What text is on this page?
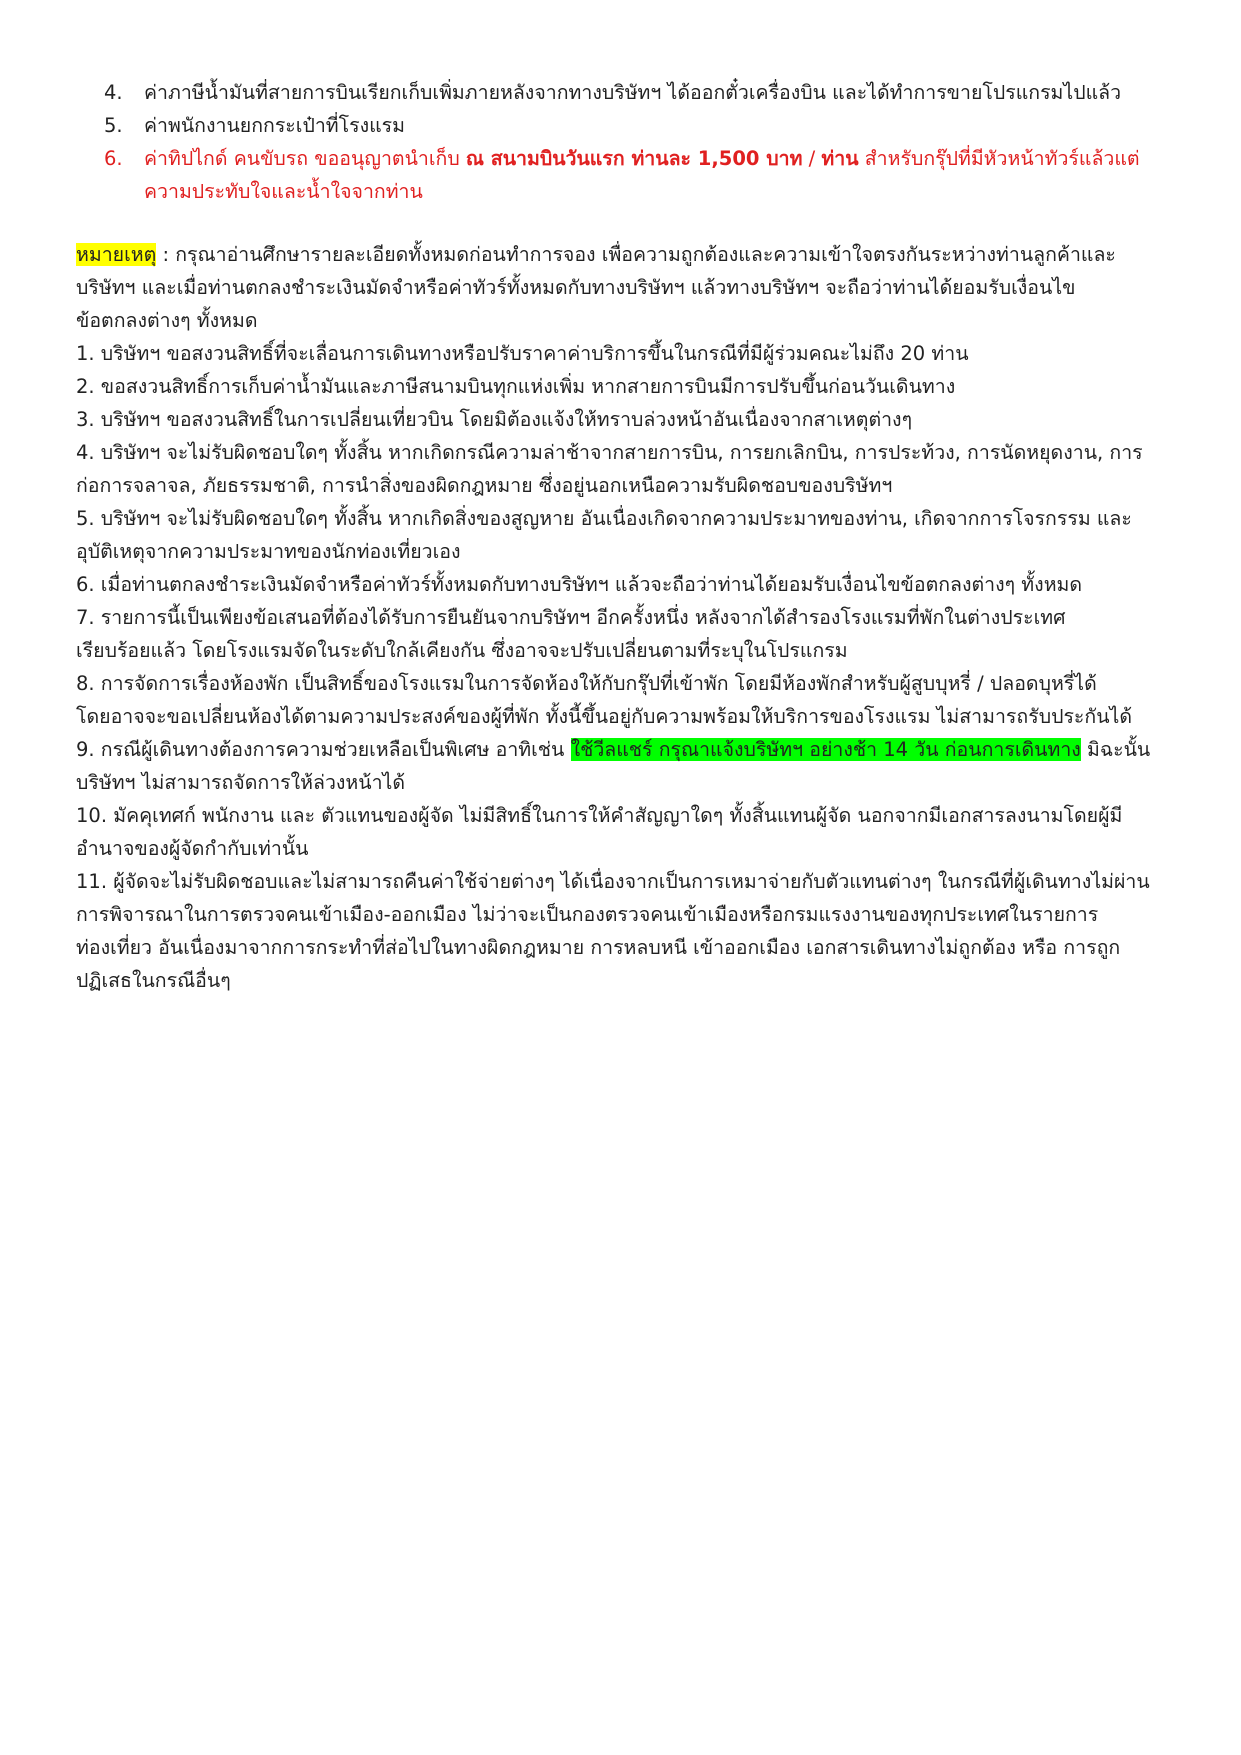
4.	ค่าภาษีน้ำมันที่สายการบินเรียกเก็บเพิ่มภายหลังจากทางบริษัทฯ ได้ออกตั๋วเครื่องบิน และได้ทำการขายโปรแกรมไปแล้ว
5.	ค่าพนักงานยกกระเป๋าที่โรงแรม
6.	ค่าทิปไกด์ คนขับรถ ขออนุญาตนำเก็บ ณ สนามบินวันแรก ท่านละ 1,500 บาท / ท่าน สำหรับกรุ๊ปที่มีหัวหน้าทัวร์แล้วแต่
ความประทับใจและน้ำใจจากท่าน
หมายเหตุ : กรุณาอ่านศึกษารายละเอียดทั้งหมดก่อนทำการจอง เพื่อความถูกต้องและความเข้าใจตรงกันระหว่างท่านลูกค้าและ
บริษัทฯ และเมื่อท่านตกลงชำระเงินมัดจำหรือค่าทัวร์ทั้งหมดกับทางบริษัทฯ แล้วทางบริษัทฯ จะถือว่าท่านได้ยอมรับเงื่อนไข
ข้อตกลงต่างๆ ทั้งหมด
1. บริษัทฯ ขอสงวนสิทธิ์ที่จะเลื่อนการเดินทางหรือปรับราคาค่าบริการขึ้นในกรณีที่มีผู้ร่วมคณะไม่ถึง 20 ท่าน
2. ขอสงวนสิทธิ์การเก็บค่าน้ำมันและภาษีสนามบินทุกแห่งเพิ่ม หากสายการบินมีการปรับขึ้นก่อนวันเดินทาง
3. บริษัทฯ ขอสงวนสิทธิ์ในการเปลี่ยนเที่ยวบิน โดยมิต้องแจ้งให้ทราบล่วงหน้าอันเนื่องจากสาเหตุต่างๆ
4. บริษัทฯ จะไม่รับผิดชอบใดๆ ทั้งสิ้น หากเกิดกรณีความล่าช้าจากสายการบิน, การยกเลิกบิน, การประท้วง, การนัดหยุดงาน, การ
ก่อการจลาจล, ภัยธรรมชาติ, การนำสิ่งของผิดกฎหมาย ซึ่งอยู่นอกเหนือความรับผิดชอบของบริษัทฯ
5. บริษัทฯ จะไม่รับผิดชอบใดๆ ทั้งสิ้น หากเกิดสิ่งของสูญหาย อันเนื่องเกิดจากความประมาทของท่าน, เกิดจากการโจรกรรม และ
อุบัติเหตุจากความประมาทของนักท่องเที่ยวเอง
6. เมื่อท่านตกลงชำระเงินมัดจำหรือค่าทัวร์ทั้งหมดกับทางบริษัทฯ แล้วจะถือว่าท่านได้ยอมรับเงื่อนไขข้อตกลงต่างๆ ทั้งหมด
7. รายการนี้เป็นเพียงข้อเสนอที่ต้องได้รับการยืนยันจากบริษัทฯ อีกครั้งหนึ่ง หลังจากได้สำรองโรงแรมที่พักในต่างประเทศ
เรียบร้อยแล้ว โดยโรงแรมจัดในระดับใกล้เคียงกัน ซึ่งอาจจะปรับเปลี่ยนตามที่ระบุในโปรแกรม
8. การจัดการเรื่องห้องพัก เป็นสิทธิ์ของโรงแรมในการจัดห้องให้กับกรุ๊ปที่เข้าพัก โดยมีห้องพักสำหรับผู้สูบบุหรี่ / ปลอดบุหรี่ได้
โดยอาจจะขอเปลี่ยนห้องได้ตามความประสงค์ของผู้ที่พัก ทั้งนี้ขึ้นอยู่กับความพร้อมให้บริการของโรงแรม ไม่สามารถรับประกันได้
9. กรณีผู้เดินทางต้องการความช่วยเหลือเป็นพิเศษ อาทิเช่น ใช้วีลแชร์ กรุณาแจ้งบริษัทฯ อย่างช้า 14 วัน ก่อนการเดินทาง มิฉะนั้น
บริษัทฯ ไม่สามารถจัดการให้ล่วงหน้าได้
10. มัคคุเทศก์ พนักงาน และ ตัวแทนของผู้จัด ไม่มีสิทธิ์ในการให้คำสัญญาใดๆ ทั้งสิ้นแทนผู้จัด นอกจากมีเอกสารลงนามโดยผู้มี
อำนาจของผู้จัดกำกับเท่านั้น
11. ผู้จัดจะไม่รับผิดชอบและไม่สามารถคืนค่าใช้จ่ายต่างๆ ได้เนื่องจากเป็นการเหมาจ่ายกับตัวแทนต่างๆ ในกรณีที่ผู้เดินทางไม่ผ่าน
การพิจารณาในการตรวจคนเข้าเมือง-ออกเมือง ไม่ว่าจะเป็นกองตรวจคนเข้าเมืองหรือกรมแรงงานของทุกประเทศในรายการ
ท่องเที่ยว อันเนื่องมาจากการกระทำที่ส่อไปในทางผิดกฎหมาย การหลบหนี เข้าออกเมือง เอกสารเดินทางไม่ถูกต้อง หรือ การถูก
ปฏิเสธในกรณีอื่นๆ
